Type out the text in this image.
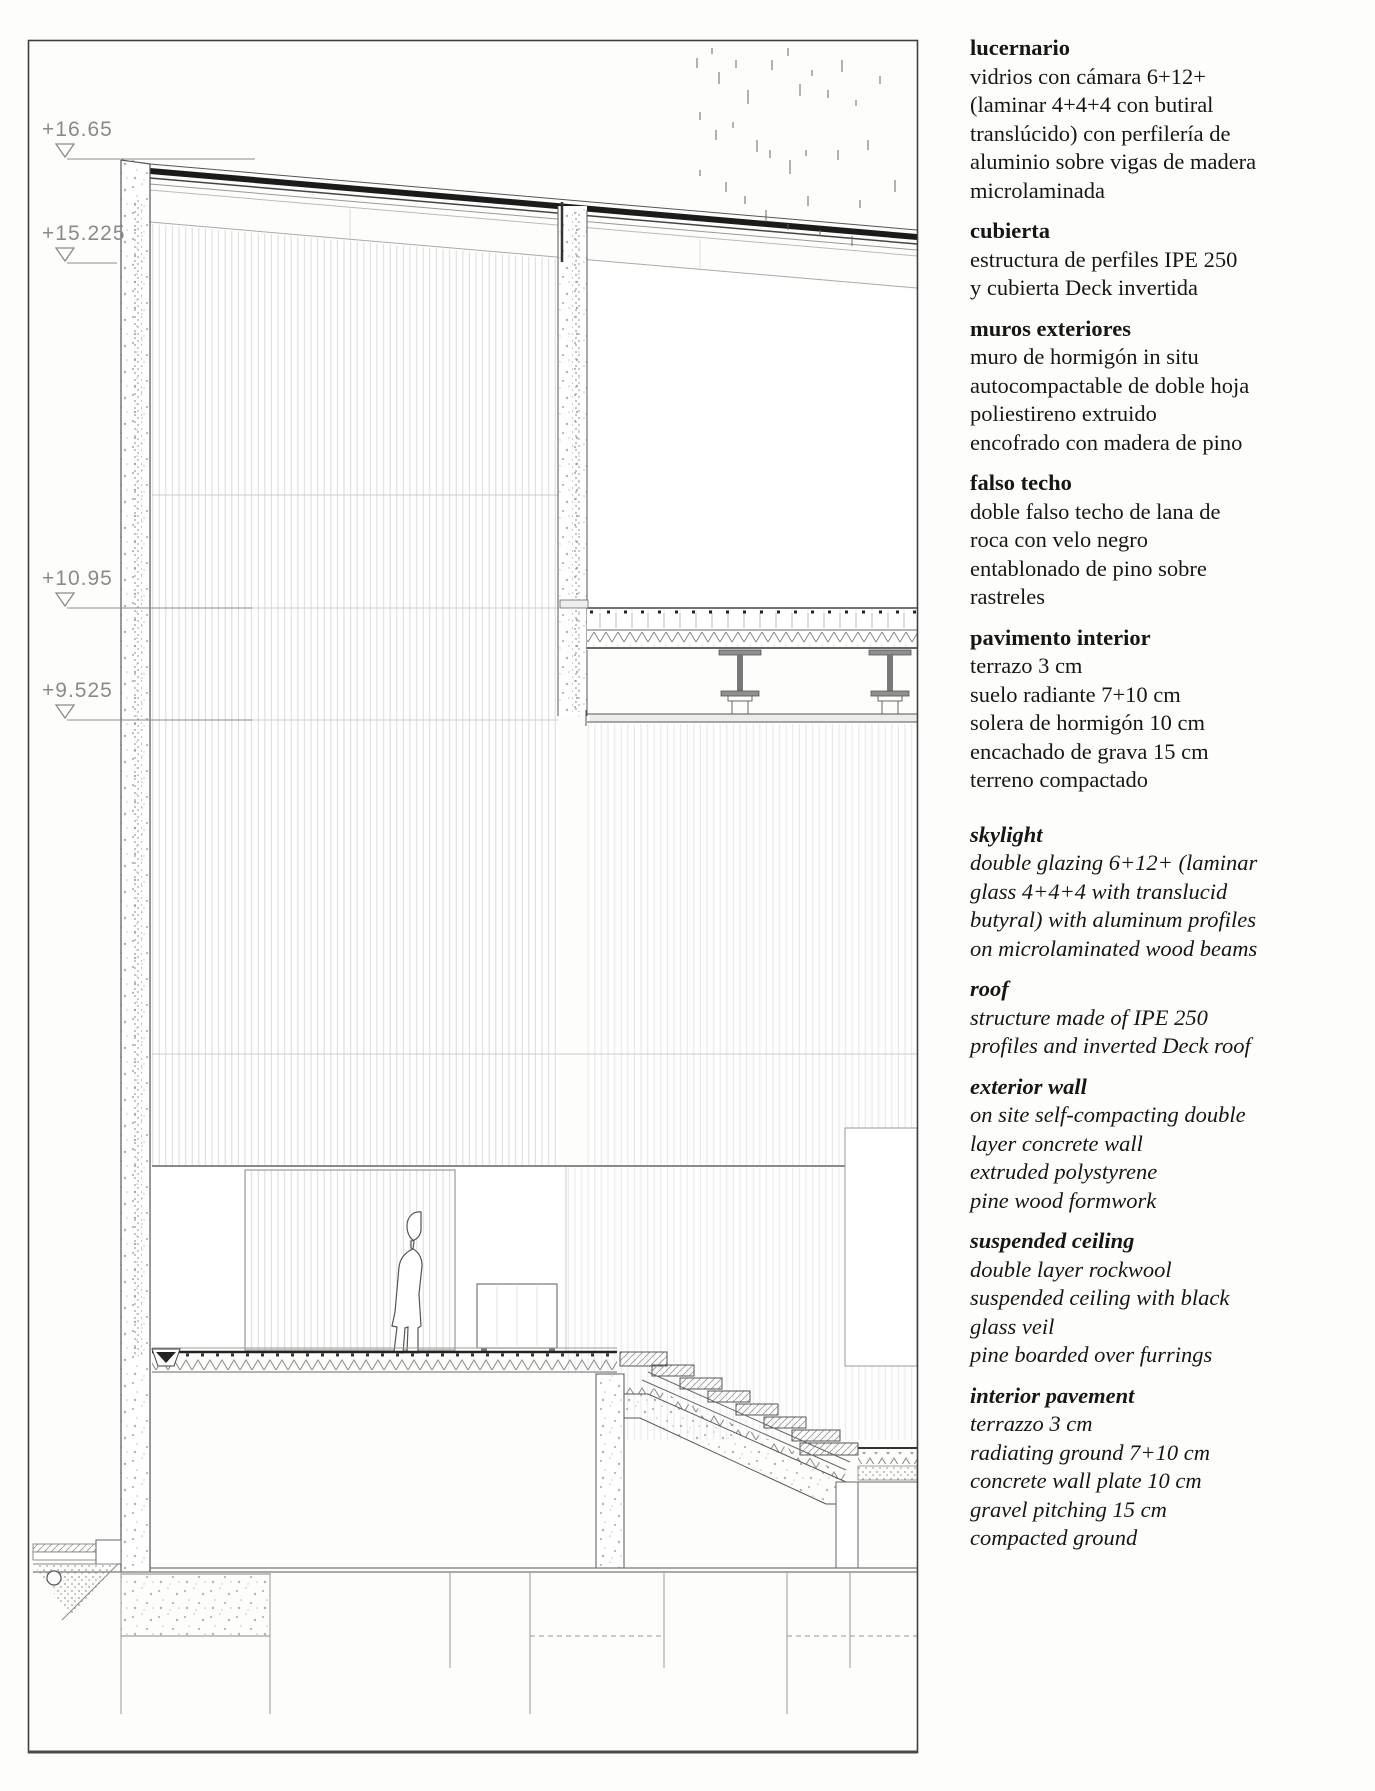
+16.65
+15.225
+10.95
+9.525
lucernario
vidrios con cámara 6+12+
(laminar 4+4+4 con butiral
translúcido) con perfilería de
aluminio sobre vigas de madera
microlaminada
cubierta
estructura de perfiles IPE 250
y cubierta Deck invertida
muros exteriores
muro de hormigón in situ
autocompactable de doble hoja
poliestireno extruido
encofrado con madera de pino
falso techo
doble falso techo de lana de
roca con velo negro
entablonado de pino sobre
rastreles
pavimento interior
terrazo 3 cm
suelo radiante 7+10 cm
solera de hormigón 10 cm
encachado de grava 15 cm
terreno compactado
skylight
double glazing 6+12+ (laminar
glass 4+4+4 with translucid
butyral) with aluminum profiles
on microlaminated wood beams
roof
structure made of IPE 250
profiles and inverted Deck roof
exterior wall
on site self-compacting double
layer concrete wall
extruded polystyrene
pine wood formwork
suspended ceiling
double layer rockwool
suspended ceiling with black
glass veil
pine boarded over furrings
interior pavement
terrazzo 3 cm
radiating ground 7+10 cm
concrete wall plate 10 cm
gravel pitching 15 cm
compacted ground
